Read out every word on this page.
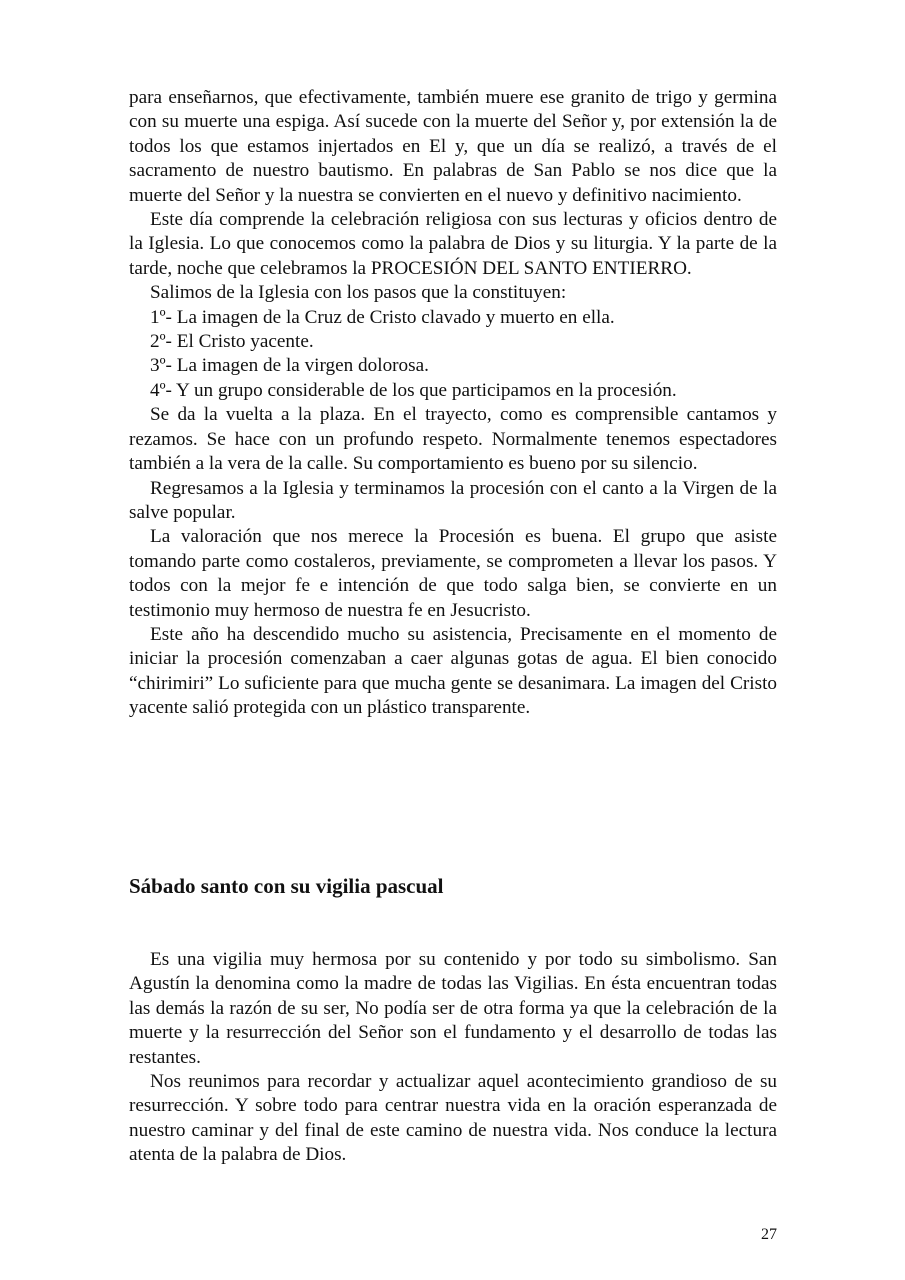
para enseñarnos, que efectivamente, también muere ese granito de trigo y germina con su muerte una espiga. Así sucede con la muerte del Señor y, por extensión la de todos los que estamos injertados en El y, que un día se realizó, a través de el sacramento de nuestro bautismo. En palabras de San Pablo se nos dice que la muerte del Señor y la nuestra se convierten en el nuevo y definitivo nacimiento.

Este día comprende la celebración religiosa con sus lecturas y oficios dentro de la Iglesia. Lo que conocemos como la palabra de Dios y su liturgia. Y la parte de la tarde, noche que celebramos la PROCESIÓN DEL SANTO ENTIERRO.

Salimos de la Iglesia con los pasos que la constituyen:

1º- La imagen de la Cruz de Cristo clavado y muerto en ella.

2º- El Cristo yacente.

3º- La imagen de la virgen dolorosa.

4º- Y un grupo considerable de los que participamos en la procesión.

Se da la vuelta a la plaza. En el trayecto, como es comprensible cantamos y rezamos. Se hace con un profundo respeto. Normalmente tenemos espectadores también a la vera de la calle. Su comportamiento es bueno por su silencio.

Regresamos a la Iglesia y terminamos la procesión con el canto a la Virgen de la salve popular.

La valoración que nos merece la Procesión es buena. El grupo que asiste tomando parte como costaleros, previamente, se comprometen a llevar los pasos. Y todos con la mejor fe e intención de que todo salga bien, se convierte en un testimonio muy hermoso de nuestra fe en Jesucristo.

Este año ha descendido mucho su asistencia, Precisamente en el momento de iniciar la procesión comenzaban a caer algunas gotas de agua. El bien conocido “chirimiri” Lo suficiente para que mucha gente se desanimara. La imagen del Cristo yacente salió protegida con un plástico transparente.

Sábado santo con su vigilia pascual

Es una vigilia muy hermosa por su contenido y por todo su simbolismo. San Agustín la denomina como la madre de todas las Vigilias. En ésta encuentran todas las demás la razón de su ser, No podía ser de otra forma ya que la celebración de la muerte y la resurrección del Señor son el fundamento y el desarrollo de todas las restantes.

Nos reunimos para recordar y actualizar aquel acontecimiento grandioso de su resurrección. Y sobre todo para centrar nuestra vida en la oración esperanzada de nuestro caminar y del final de este camino de nuestra vida. Nos conduce la lectura atenta de la palabra de Dios.

27
